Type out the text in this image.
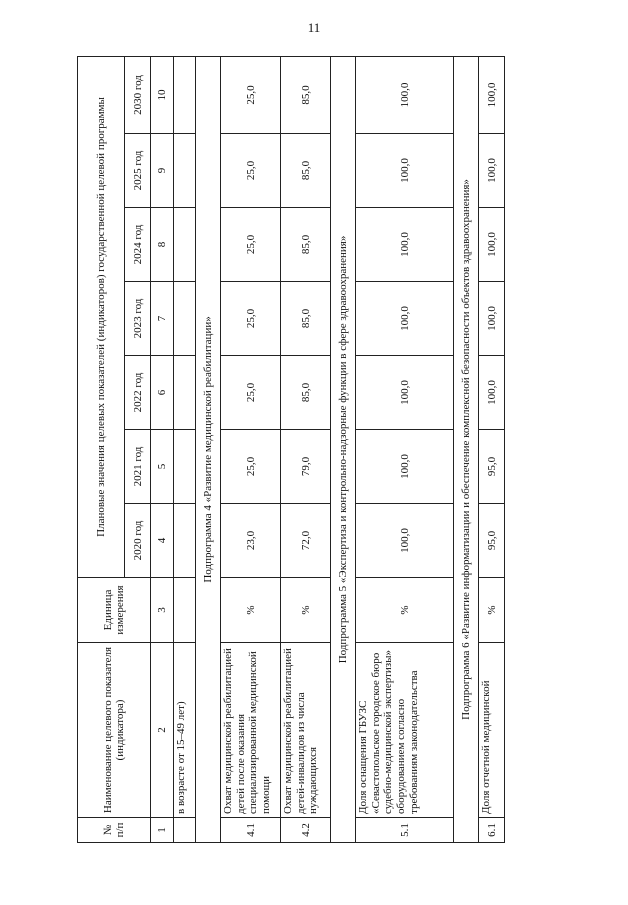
11
№ п/п	Наименование целевого показателя (индикатора)	Единица измерения	Плановые значения целевых показателей (индикаторов) государственной целевой программы						
			2020 год	2021 год	2022 год	2023 год	2024 год	2025 год	2030 год
1	2	3	4	5	6	7	8	9	10
	в возрасте от 15–49 лет)								
Подпрограмма 4 «Развитие медицинской реабилитации»									
4.1	Охват медицинской реабилитацией детей после оказания специализированной медицинской помощи	%	23,0	25,0	25,0	25,0	25,0	25,0	25,0
4.2	Охват медицинской реабилитацией детей-инвалидов из числа нуждающихся	%	72,0	79,0	85,0	85,0	85,0	85,0	85,0
Подпрограмма 5 «Экспертиза и контрольно-надзорные функции в сфере здравоохранения»									
5.1	Доля оснащения ГБУЗС «Севастопольское городское бюро судебно-медицинской экспертизы» оборудованием согласно требованиям законодательства	%	100,0	100,0	100,0	100,0	100,0	100,0	100,0
Подпрограмма 6 «Развитие информатизации и обеспечение комплексной безопасности объектов здравоохранения»									
6.1	Доля отчетной медицинской	%	95,0	95,0	100,0	100,0	100,0	100,0	100,0
